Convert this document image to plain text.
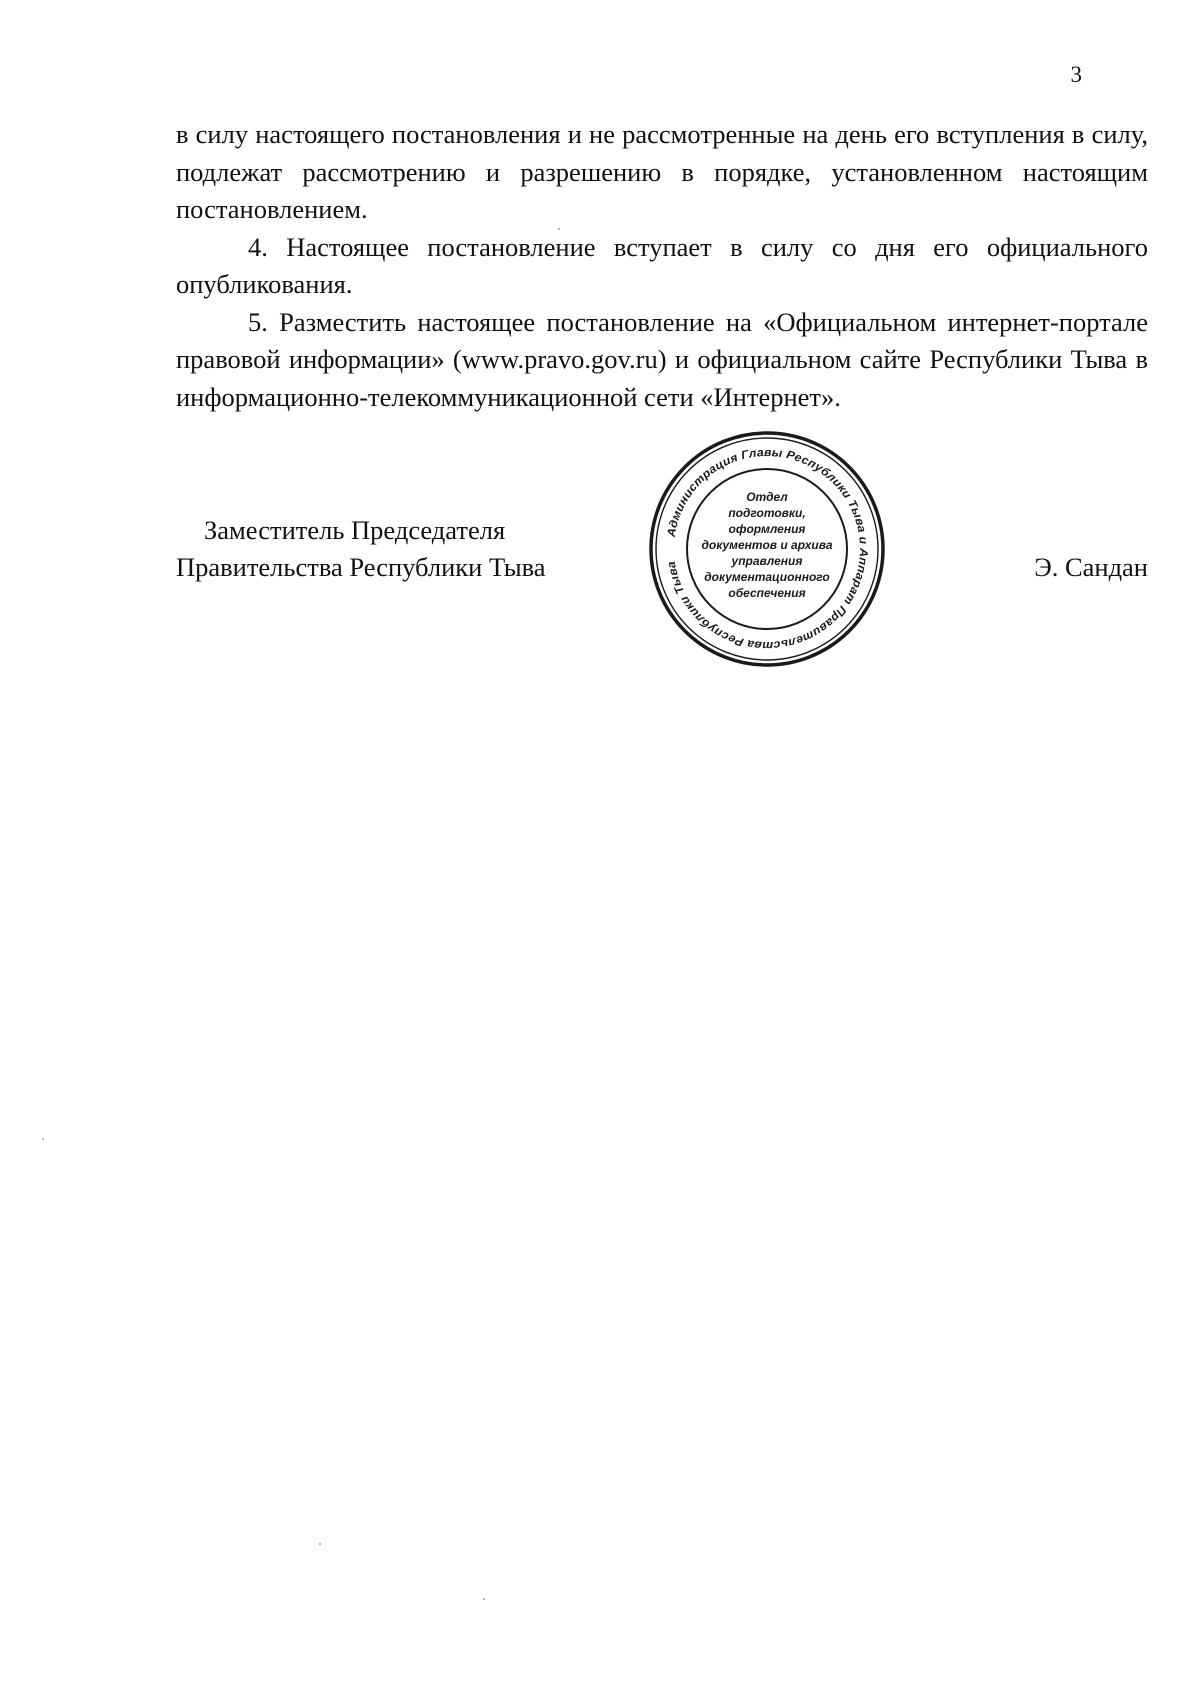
3

в силу настоящего постановления и не рассмотренные на день его вступления в силу, подлежат рассмотрению и разрешению в порядке, установленном настоящим постановлением.

4. Настоящее постановление вступает в силу со дня его официального опубликования.

5. Разместить настоящее постановление на «Официальном интернет-портале правовой информации» (www.pravo.gov.ru) и официальном сайте Республики Тыва в информационно-телекоммуникационной сети «Интернет».

Заместитель Председателя
Правительства Республики Тыва
Администрация Главы Республики Тыва и Аппарат Правительства Республики Тыва
Отдел
подготовки,
оформления
документов и архива
управления
документационного
обеспечения
Э. Сандан
